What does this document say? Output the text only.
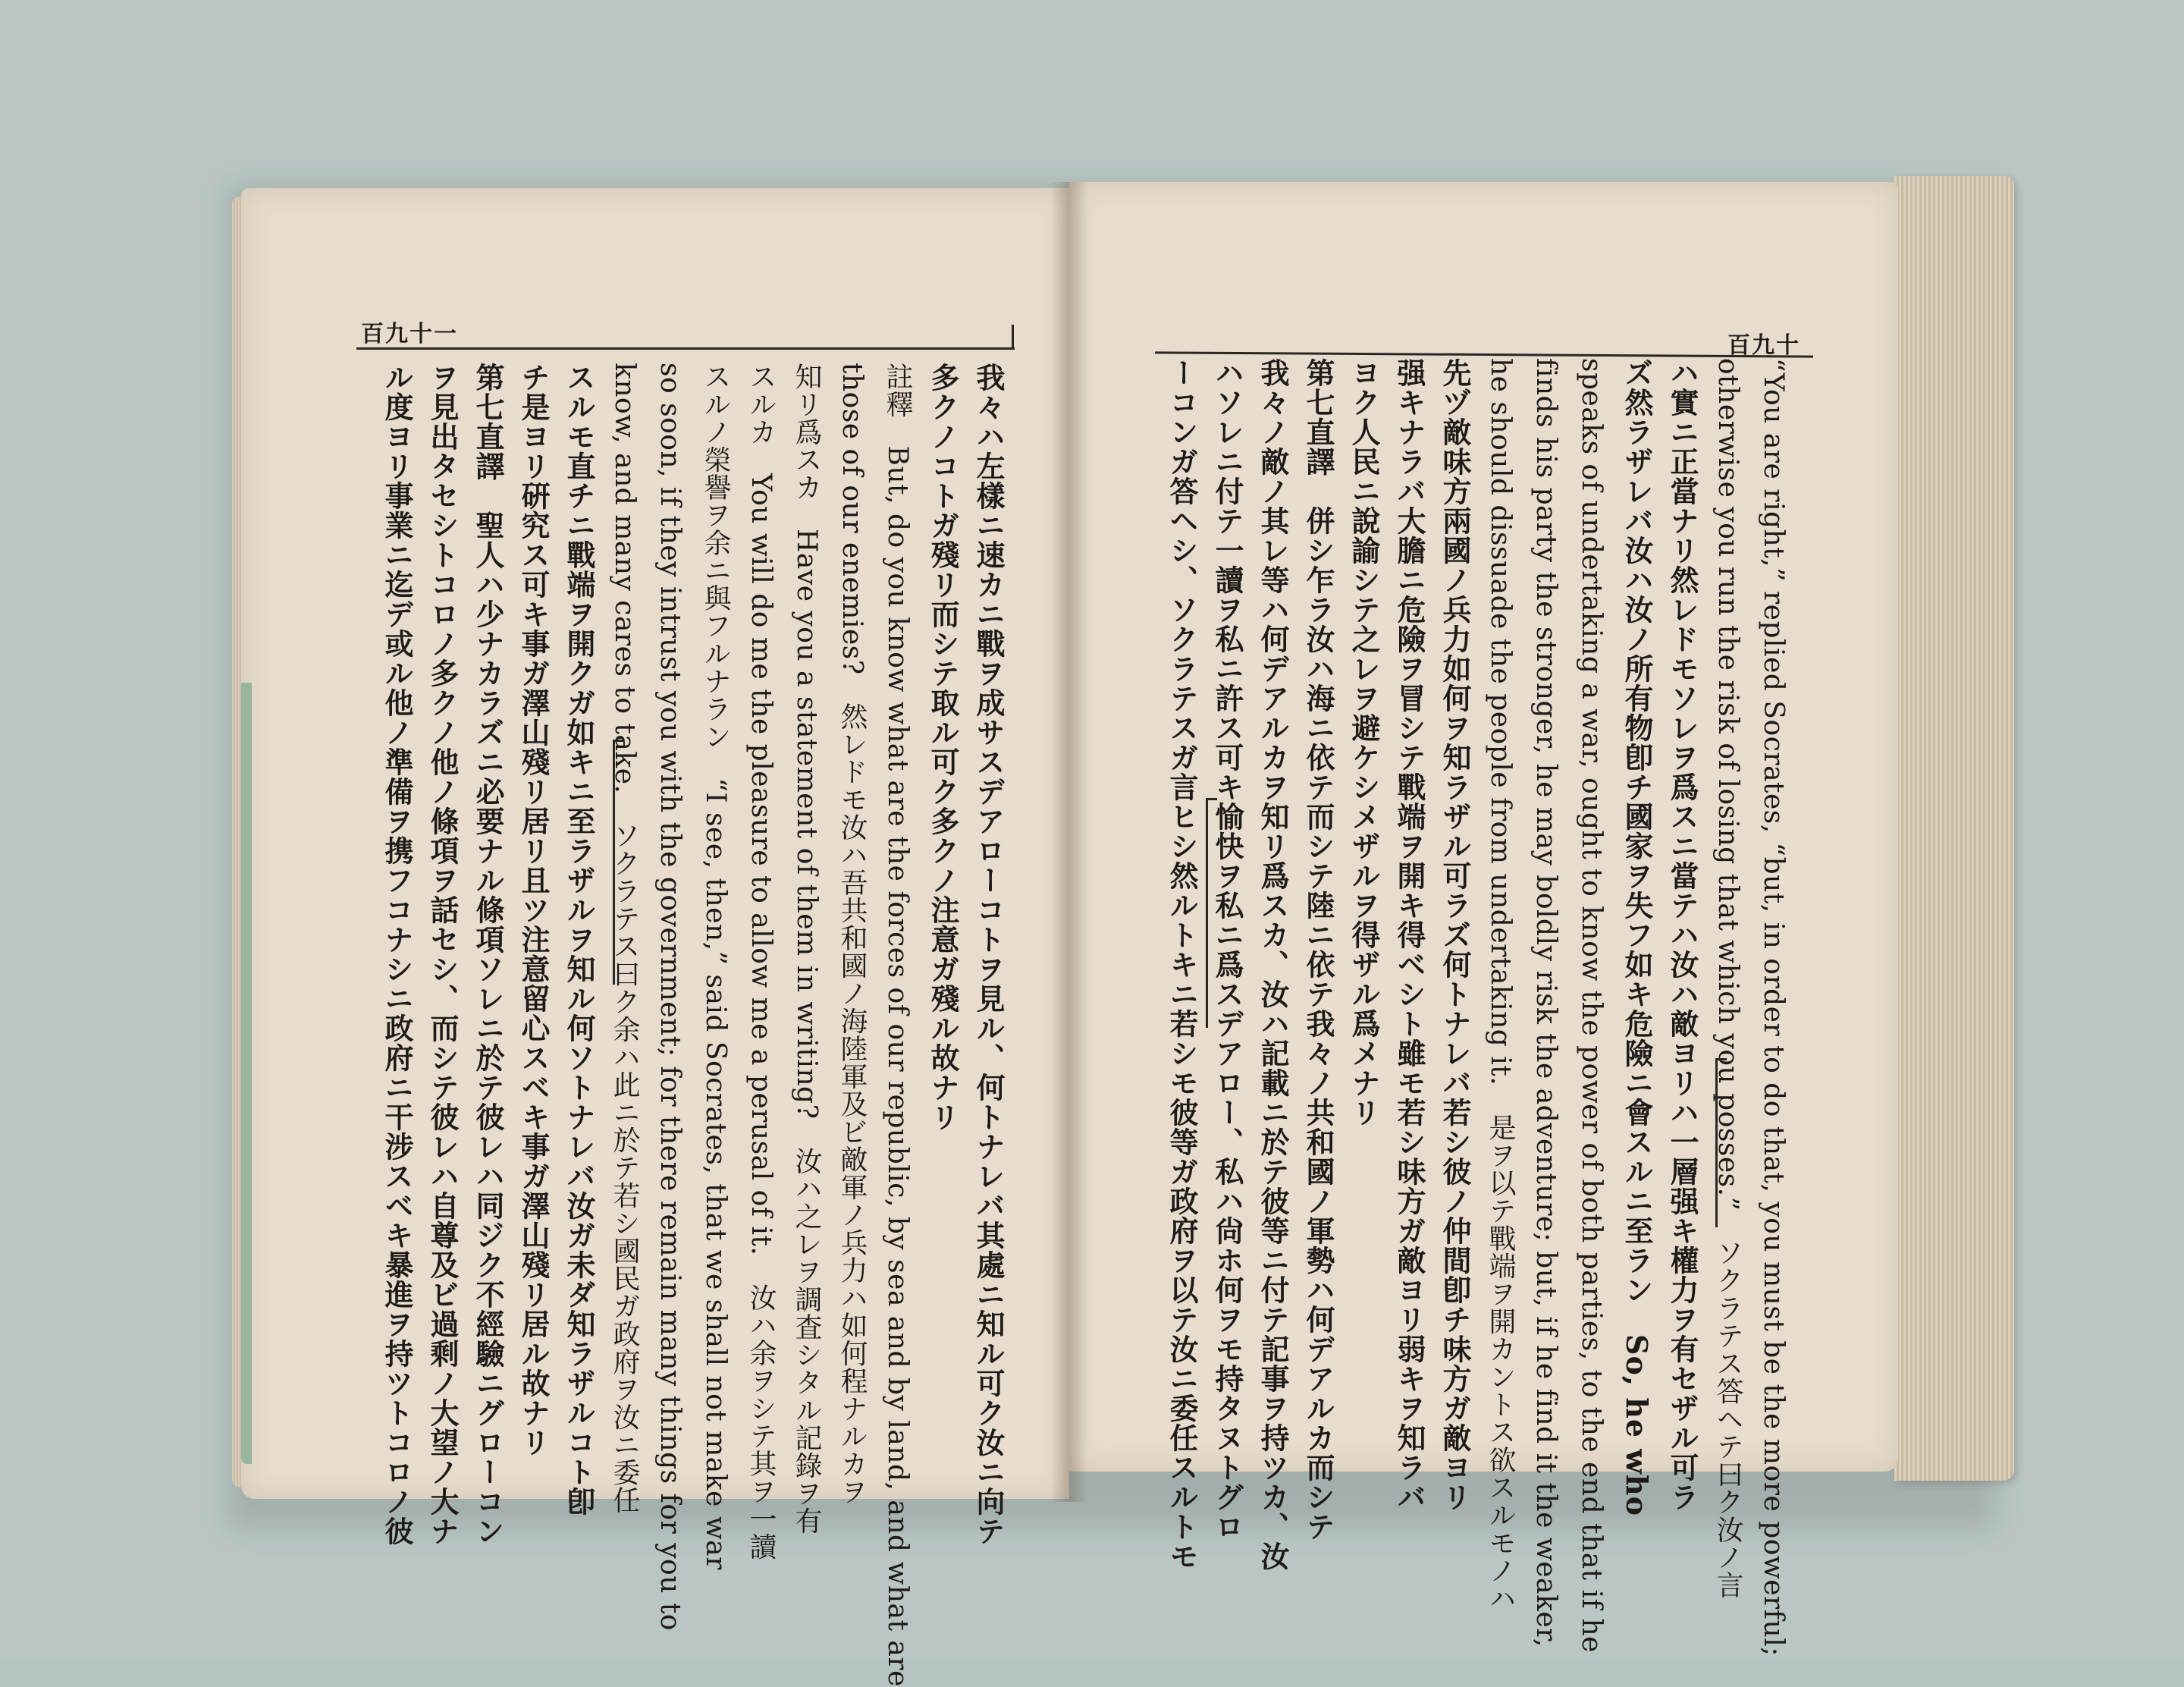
百九十一	百九十
我々ハ左樣ニ速カニ戰ヲ成サスデアローコトヲ見ル、何トナレバ其處ニ知ル可ク汝ニ向テ
多クノコトガ殘リ而シテ取ル可ク多クノ注意ガ殘ル故ナリ
註釋　But, do you know what are the forces of our republic, by sea and by land, and what are
those of our enemies?　然レドモ汝ハ吾共和國ノ海陸軍及ビ敵軍ノ兵力ハ如何程ナルカヲ
知リ爲スカ　Have you a statement of them in writing?　汝ハ之レヲ調査シタル記錄ヲ有
スルカ　You will do me the pleasure to allow me a perusal of it.　汝ハ余ヲシテ其ヲ一讀
スルノ榮譽ヲ余ニ與フルナラン　“I see, then,” said Socrates, that we shall not make war
so soon, if they intrust you with the government; for there remain many things for you to
know, and many cares to take.　ソクラテス曰ク余ハ此ニ於テ若シ國民ガ政府ヲ汝ニ委任
スルモ直チニ戰端ヲ開クガ如キニ至ラザルヲ知ル何ソトナレバ汝ガ未ダ知ラザルコト卽
チ是ヨリ硏究ス可キ事ガ澤山殘リ居リ且ツ注意留心スベキ事ガ澤山殘リ居ル故ナリ
第七直譯　聖人ハ少ナカラズニ必要ナル條項ソレニ於テ彼レハ同ジク不經驗ニグローコン
ヲ見出タセシトコロノ多クノ他ノ條項ヲ話セシ、而シテ彼レハ自尊及ビ過剩ノ大望ノ大ナ
ル度ヨリ事業ニ迄デ或ル他ノ準備ヲ携フコナシニ政府ニ干涉スベキ暴進ヲ持ツトコロノ彼	“You are right,” replied Socrates, “but, in order to do that, you must be the more powerful;
otherwise you run the risk of losing that which you posses.”　ソクラテス答ヘテ曰ク汝ノ言
ハ實ニ正當ナリ然レドモソレヲ爲スニ當テハ汝ハ敵ヨリハ一層强キ權力ヲ有セザル可ラ
ズ然ラザレバ汝ハ汝ノ所有物卽チ國家ヲ失フ如キ危險ニ會スルニ至ラン　So, he who
speaks of undertaking a war, ought to know the power of both parties, to the end that if he
finds his party the stronger, he may boldly risk the adventure; but, if he find it the weaker,
he should dissuade the people from undertaking it.　是ヲ以テ戰端ヲ開カントス欲スルモノハ
先ヅ敵味方兩國ノ兵力如何ヲ知ラザル可ラズ何トナレバ若シ彼ノ仲間卽チ味方ガ敵ヨリ
强キナラバ大膽ニ危險ヲ冒シテ戰端ヲ開キ得ベシト雖モ若シ味方ガ敵ヨリ弱キヲ知ラバ
ヨク人民ニ說諭シテ之レヲ避ケシメザルヲ得ザル爲メナリ
第七直譯　併シ乍ラ汝ハ海ニ依テ而シテ陸ニ依テ我々ノ共和國ノ軍勢ハ何デアルカ而シテ
我々ノ敵ノ其レ等ハ何デアルカヲ知リ爲スカ、汝ハ記載ニ於テ彼等ニ付テ記事ヲ持ツカ、汝
ハソレニ付テ一讀ヲ私ニ許ス可キ愉快ヲ私ニ爲スデアロー、私ハ尙ホ何ヲモ持タヌトグロ
ーコンガ答ヘシ、ソクラテスガ言ヒシ然ルトキニ若シモ彼等ガ政府ヲ以テ汝ニ委任スルトモ
